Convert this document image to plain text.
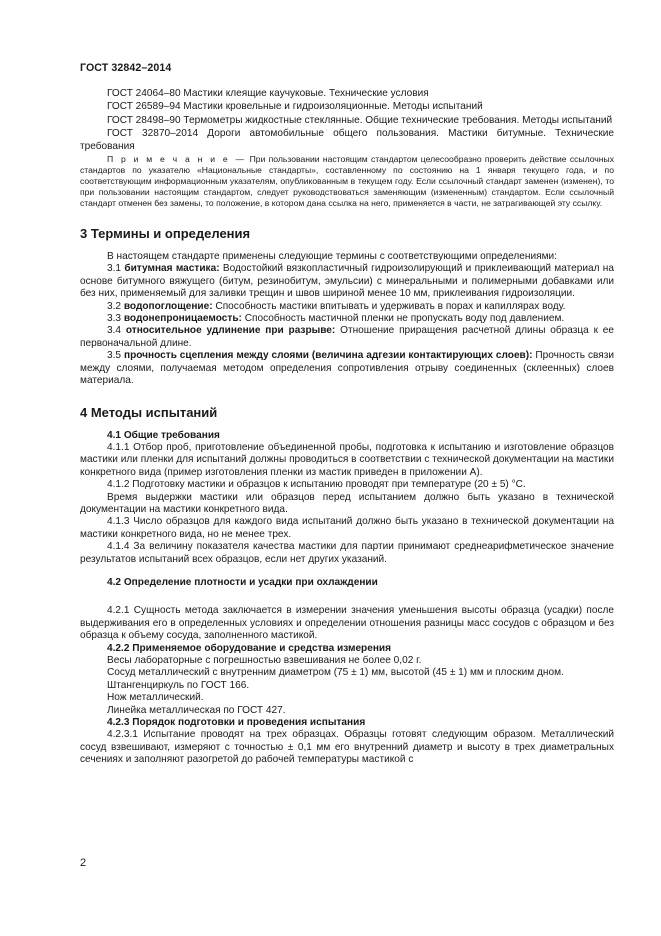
ГОСТ 32842–2014

ГОСТ 24064–80 Мастики клеящие каучуковые. Технические условия

ГОСТ 26589–94 Мастики кровельные и гидроизоляционные. Методы испытаний

ГОСТ 28498–90 Термометры жидкостные стеклянные. Общие технические требования. Методы испытаний

ГОСТ 32870–2014 Дороги автомобильные общего пользования. Мастики битумные. Технические требования

П р и м е ч а н и е — При пользовании настоящим стандартом целесообразно проверить действие ссылочных стандартов по указателю «Национальные стандарты», составленному по состоянию на 1 января текущего года, и по соответствующим информационным указателям, опубликованным в текущем году. Если ссылочный стандарт заменен (изменен), то при пользовании настоящим стандартом, следует руководствоваться заменяющим (измененным) стандартом. Если ссылочный стандарт отменен без замены, то положение, в котором дана ссылка на него, применяется в части, не затрагивающей эту ссылку.

3 Термины и определения

В настоящем стандарте применены следующие термины с соответствующими определениями:

3.1 битумная мастика: Водостойкий вязкопластичный гидроизолирующий и приклеивающий материал на основе битумного вяжущего (битум, резинобитум, эмульсии) с минеральными и полимерными добавками или без них, применяемый для заливки трещин и швов шириной менее 10 мм, приклеивания гидроизоляции.

3.2 водопоглощение: Способность мастики впитывать и удерживать в порах и капиллярах воду.

3.3 водонепроницаемость: Способность мастичной пленки не пропускать воду под давлением.

3.4 относительное удлинение при разрыве: Отношение приращения расчетной длины образца к ее первоначальной длине.

3.5 прочность сцепления между слоями (величина адгезии контактирующих слоев): Прочность связи между слоями, получаемая методом определения сопротивления отрыву соединенных (склеенных) слоев материала.

4 Методы испытаний
4.1 Общие требования

4.1.1 Отбор проб, приготовление объединенной пробы, подготовка к испытанию и изготовление образцов мастики или пленки для испытаний должны проводиться в соответствии с технической документации на мастики конкретного вида (пример изготовления пленки из мастик приведен в приложении А).

4.1.2 Подготовку мастики и образцов к испытанию проводят при температуре (20 ± 5) °С.

Время выдержки мастики или образцов перед испытанием должно быть указано в технической документации на мастики конкретного вида.

4.1.3 Число образцов для каждого вида испытаний должно быть указано в технической документации на мастики конкретного вида, но не менее трех.

4.1.4 За величину показателя качества мастики для партии принимают среднеарифметическое значение результатов испытаний всех образцов, если нет других указаний.

4.2 Определение плотности и усадки при охлаждении

4.2.1 Сущность метода заключается в измерении значения уменьшения высоты образца (усадки) после выдерживания его в определенных условиях и определении отношения разницы масс сосудов с образцом и без образца к объему сосуда, заполненного мастикой.

4.2.2 Применяемое оборудование и средства измерения

Весы лабораторные с погрешностью взвешивания не более 0,02 г.

Сосуд металлический с внутренним диаметром (75 ± 1) мм, высотой (45 ± 1) мм и плоским дном.

Штангенциркуль по ГОСТ 166.

Нож металлический.

Линейка металлическая по ГОСТ 427.

4.2.3 Порядок подготовки и проведения испытания

4.2.3.1 Испытание проводят на трех образцах. Образцы готовят следующим образом. Металлический сосуд взвешивают, измеряют с точностью ± 0,1 мм его внутренний диаметр и высоту в трех диаметральных сечениях и заполняют разогретой до рабочей температуры мастикой с

2
